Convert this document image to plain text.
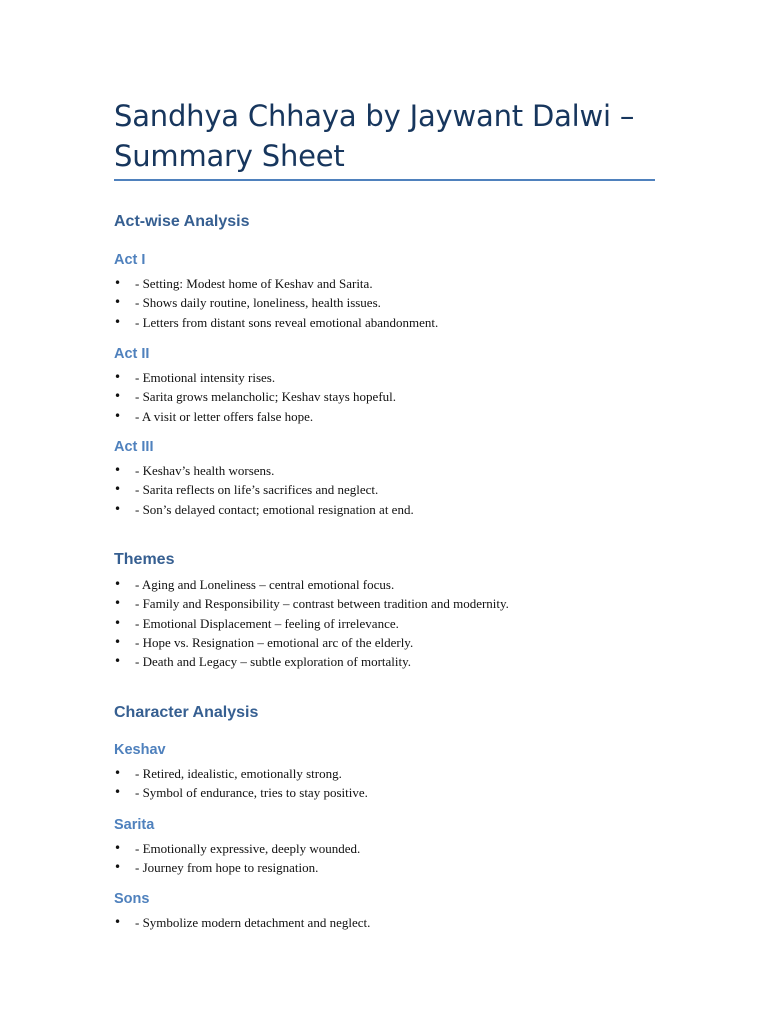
Sandhya Chhaya by Jaywant Dalwi –
Summary Sheet
Act-wise Analysis
Act I
• - Setting: Modest home of Keshav and Sarita.
• - Shows daily routine, loneliness, health issues.
• - Letters from distant sons reveal emotional abandonment.
Act II
• - Emotional intensity rises.
• - Sarita grows melancholic; Keshav stays hopeful.
• - A visit or letter offers false hope.
Act III
• - Keshav’s health worsens.
• - Sarita reflects on life’s sacrifices and neglect.
• - Son’s delayed contact; emotional resignation at end.
Themes
• - Aging and Loneliness – central emotional focus.
• - Family and Responsibility – contrast between tradition and modernity.
• - Emotional Displacement – feeling of irrelevance.
• - Hope vs. Resignation – emotional arc of the elderly.
• - Death and Legacy – subtle exploration of mortality.
Character Analysis
Keshav
• - Retired, idealistic, emotionally strong.
• - Symbol of endurance, tries to stay positive.
Sarita
• - Emotionally expressive, deeply wounded.
• - Journey from hope to resignation.
Sons
• - Symbolize modern detachment and neglect.
